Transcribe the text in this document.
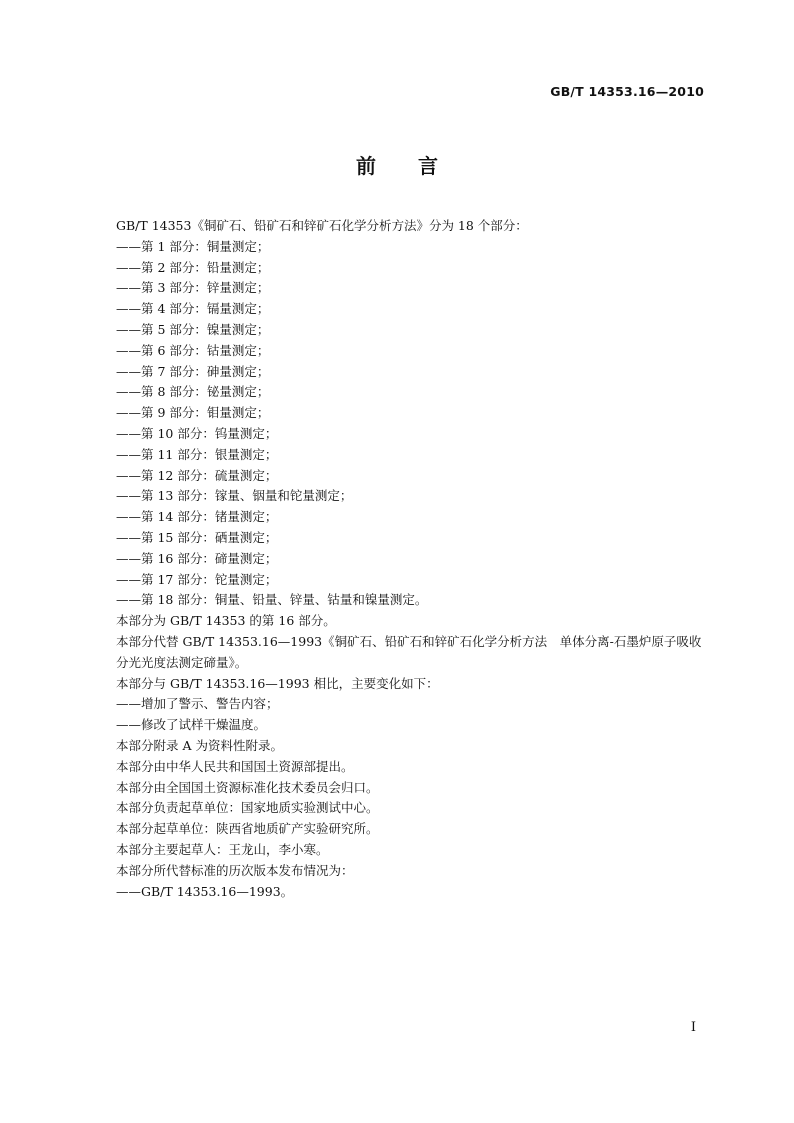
GB/T 14353.16—2010
前言
GB/T 14353《铜矿石、铅矿石和锌矿石化学分析方法》分为 18 个部分：
——第 1 部分：铜量测定；
——第 2 部分：铅量测定；
——第 3 部分：锌量测定；
——第 4 部分：镉量测定；
——第 5 部分：镍量测定；
——第 6 部分：钴量测定；
——第 7 部分：砷量测定；
——第 8 部分：铋量测定；
——第 9 部分：钼量测定；
——第 10 部分：钨量测定；
——第 11 部分：银量测定；
——第 12 部分：硫量测定；
——第 13 部分：镓量、铟量和铊量测定；
——第 14 部分：锗量测定；
——第 15 部分：硒量测定；
——第 16 部分：碲量测定；
——第 17 部分：铊量测定；
——第 18 部分：铜量、铅量、锌量、钴量和镍量测定。
本部分为 GB/T 14353 的第 16 部分。
本部分代替 GB/T 14353.16—1993《铜矿石、铅矿石和锌矿石化学分析方法　单体分离-石墨炉原子吸收分光光度法测定碲量》。
本部分与 GB/T 14353.16—1993 相比，主要变化如下：
——增加了警示、警告内容；
——修改了试样干燥温度。
本部分附录 A 为资料性附录。
本部分由中华人民共和国国土资源部提出。
本部分由全国国土资源标准化技术委员会归口。
本部分负责起草单位：国家地质实验测试中心。
本部分起草单位：陕西省地质矿产实验研究所。
本部分主要起草人：王龙山，李小寒。
本部分所代替标准的历次版本发布情况为：
——GB/T 14353.16—1993。
I
